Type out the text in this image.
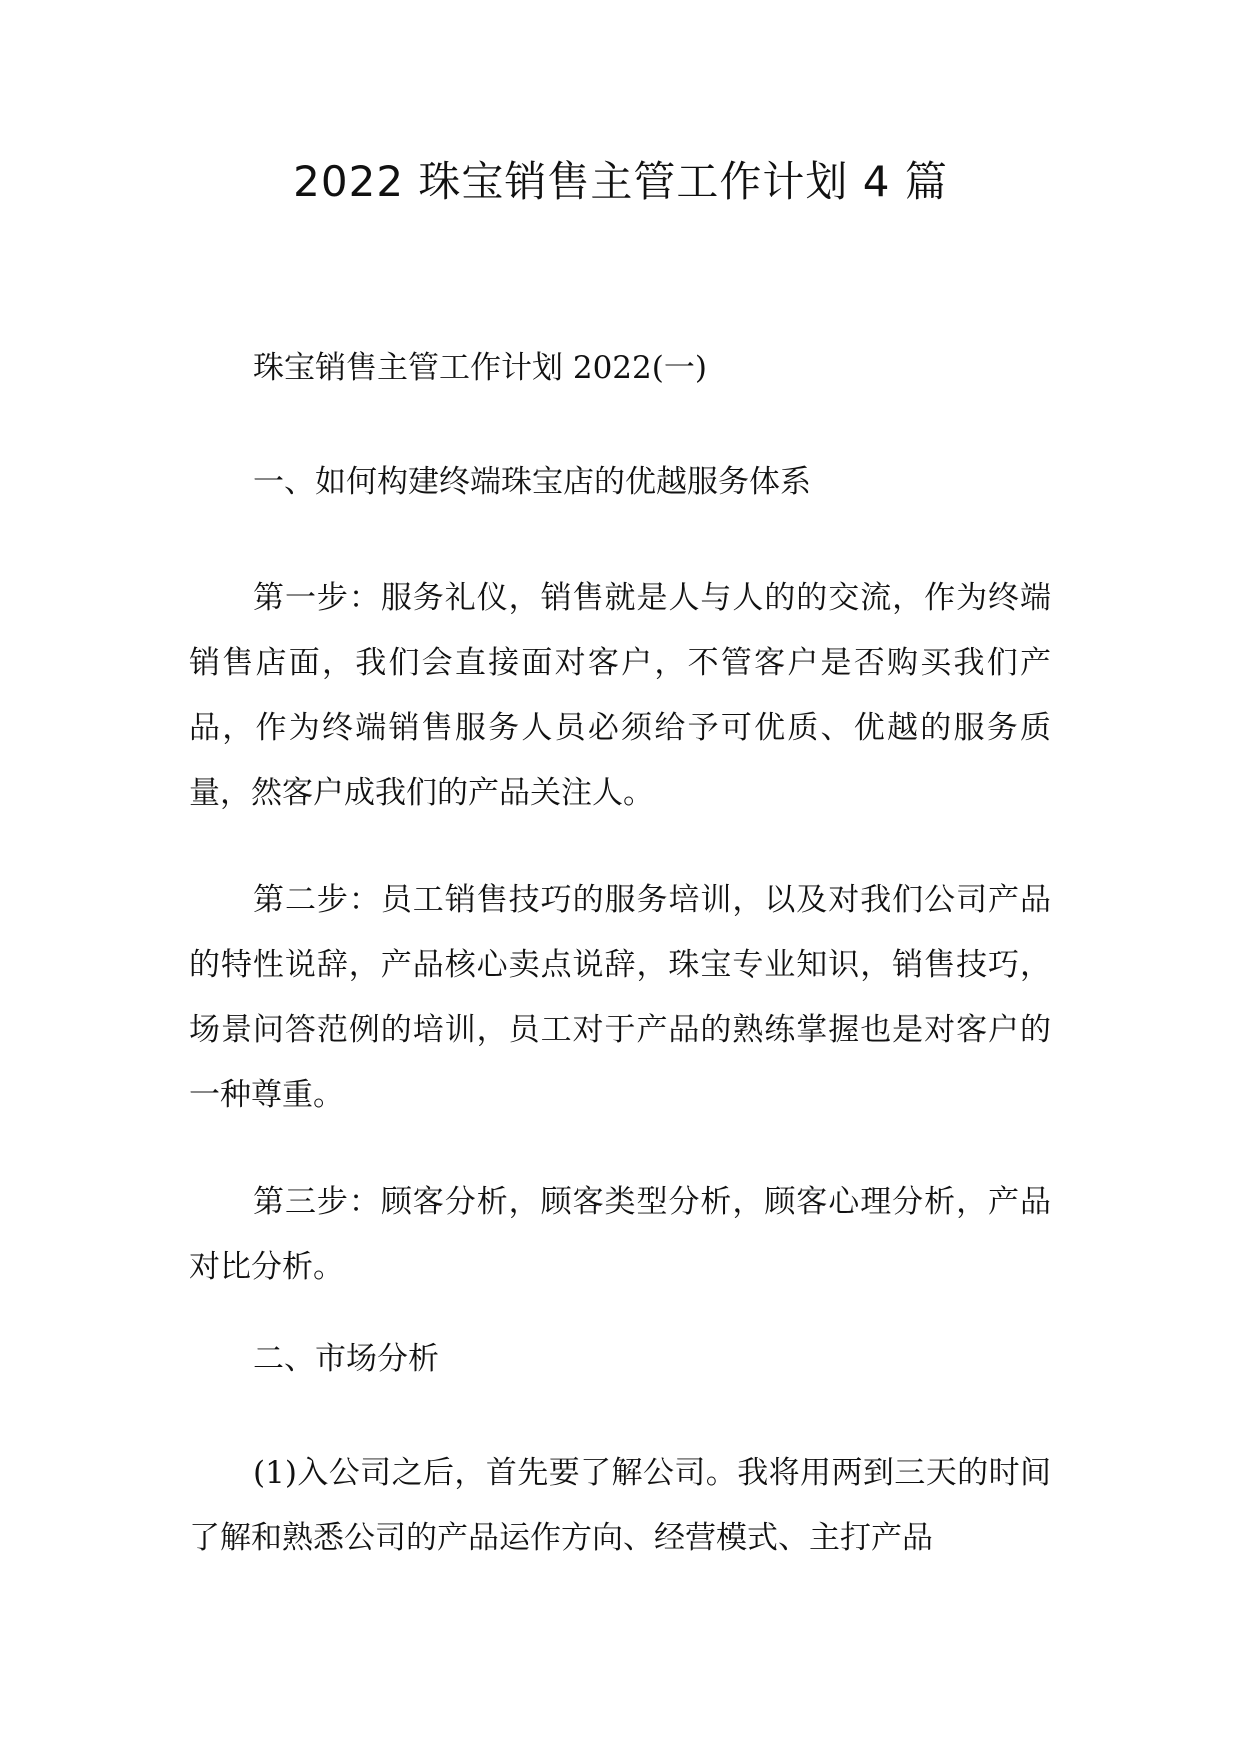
2022 珠宝销售主管工作计划 4 篇

珠宝销售主管工作计划 2022(一)

一、如何构建终端珠宝店的优越服务体系

第一步：服务礼仪，销售就是人与人的的交流，作为终端销售店面，我们会直接面对客户，不管客户是否购买我们产品，作为终端销售服务人员必须给予可优质、优越的服务质量，然客户成我们的产品关注人。

第二步：员工销售技巧的服务培训，以及对我们公司产品的特性说辞，产品核心卖点说辞，珠宝专业知识，销售技巧，场景问答范例的培训，员工对于产品的熟练掌握也是对客户的一种尊重。

第三步：顾客分析，顾客类型分析，顾客心理分析，产品对比分析。

二、市场分析

(1)入公司之后，首先要了解公司。我将用两到三天的时间了解和熟悉公司的产品运作方向、经营模式、主打产品
